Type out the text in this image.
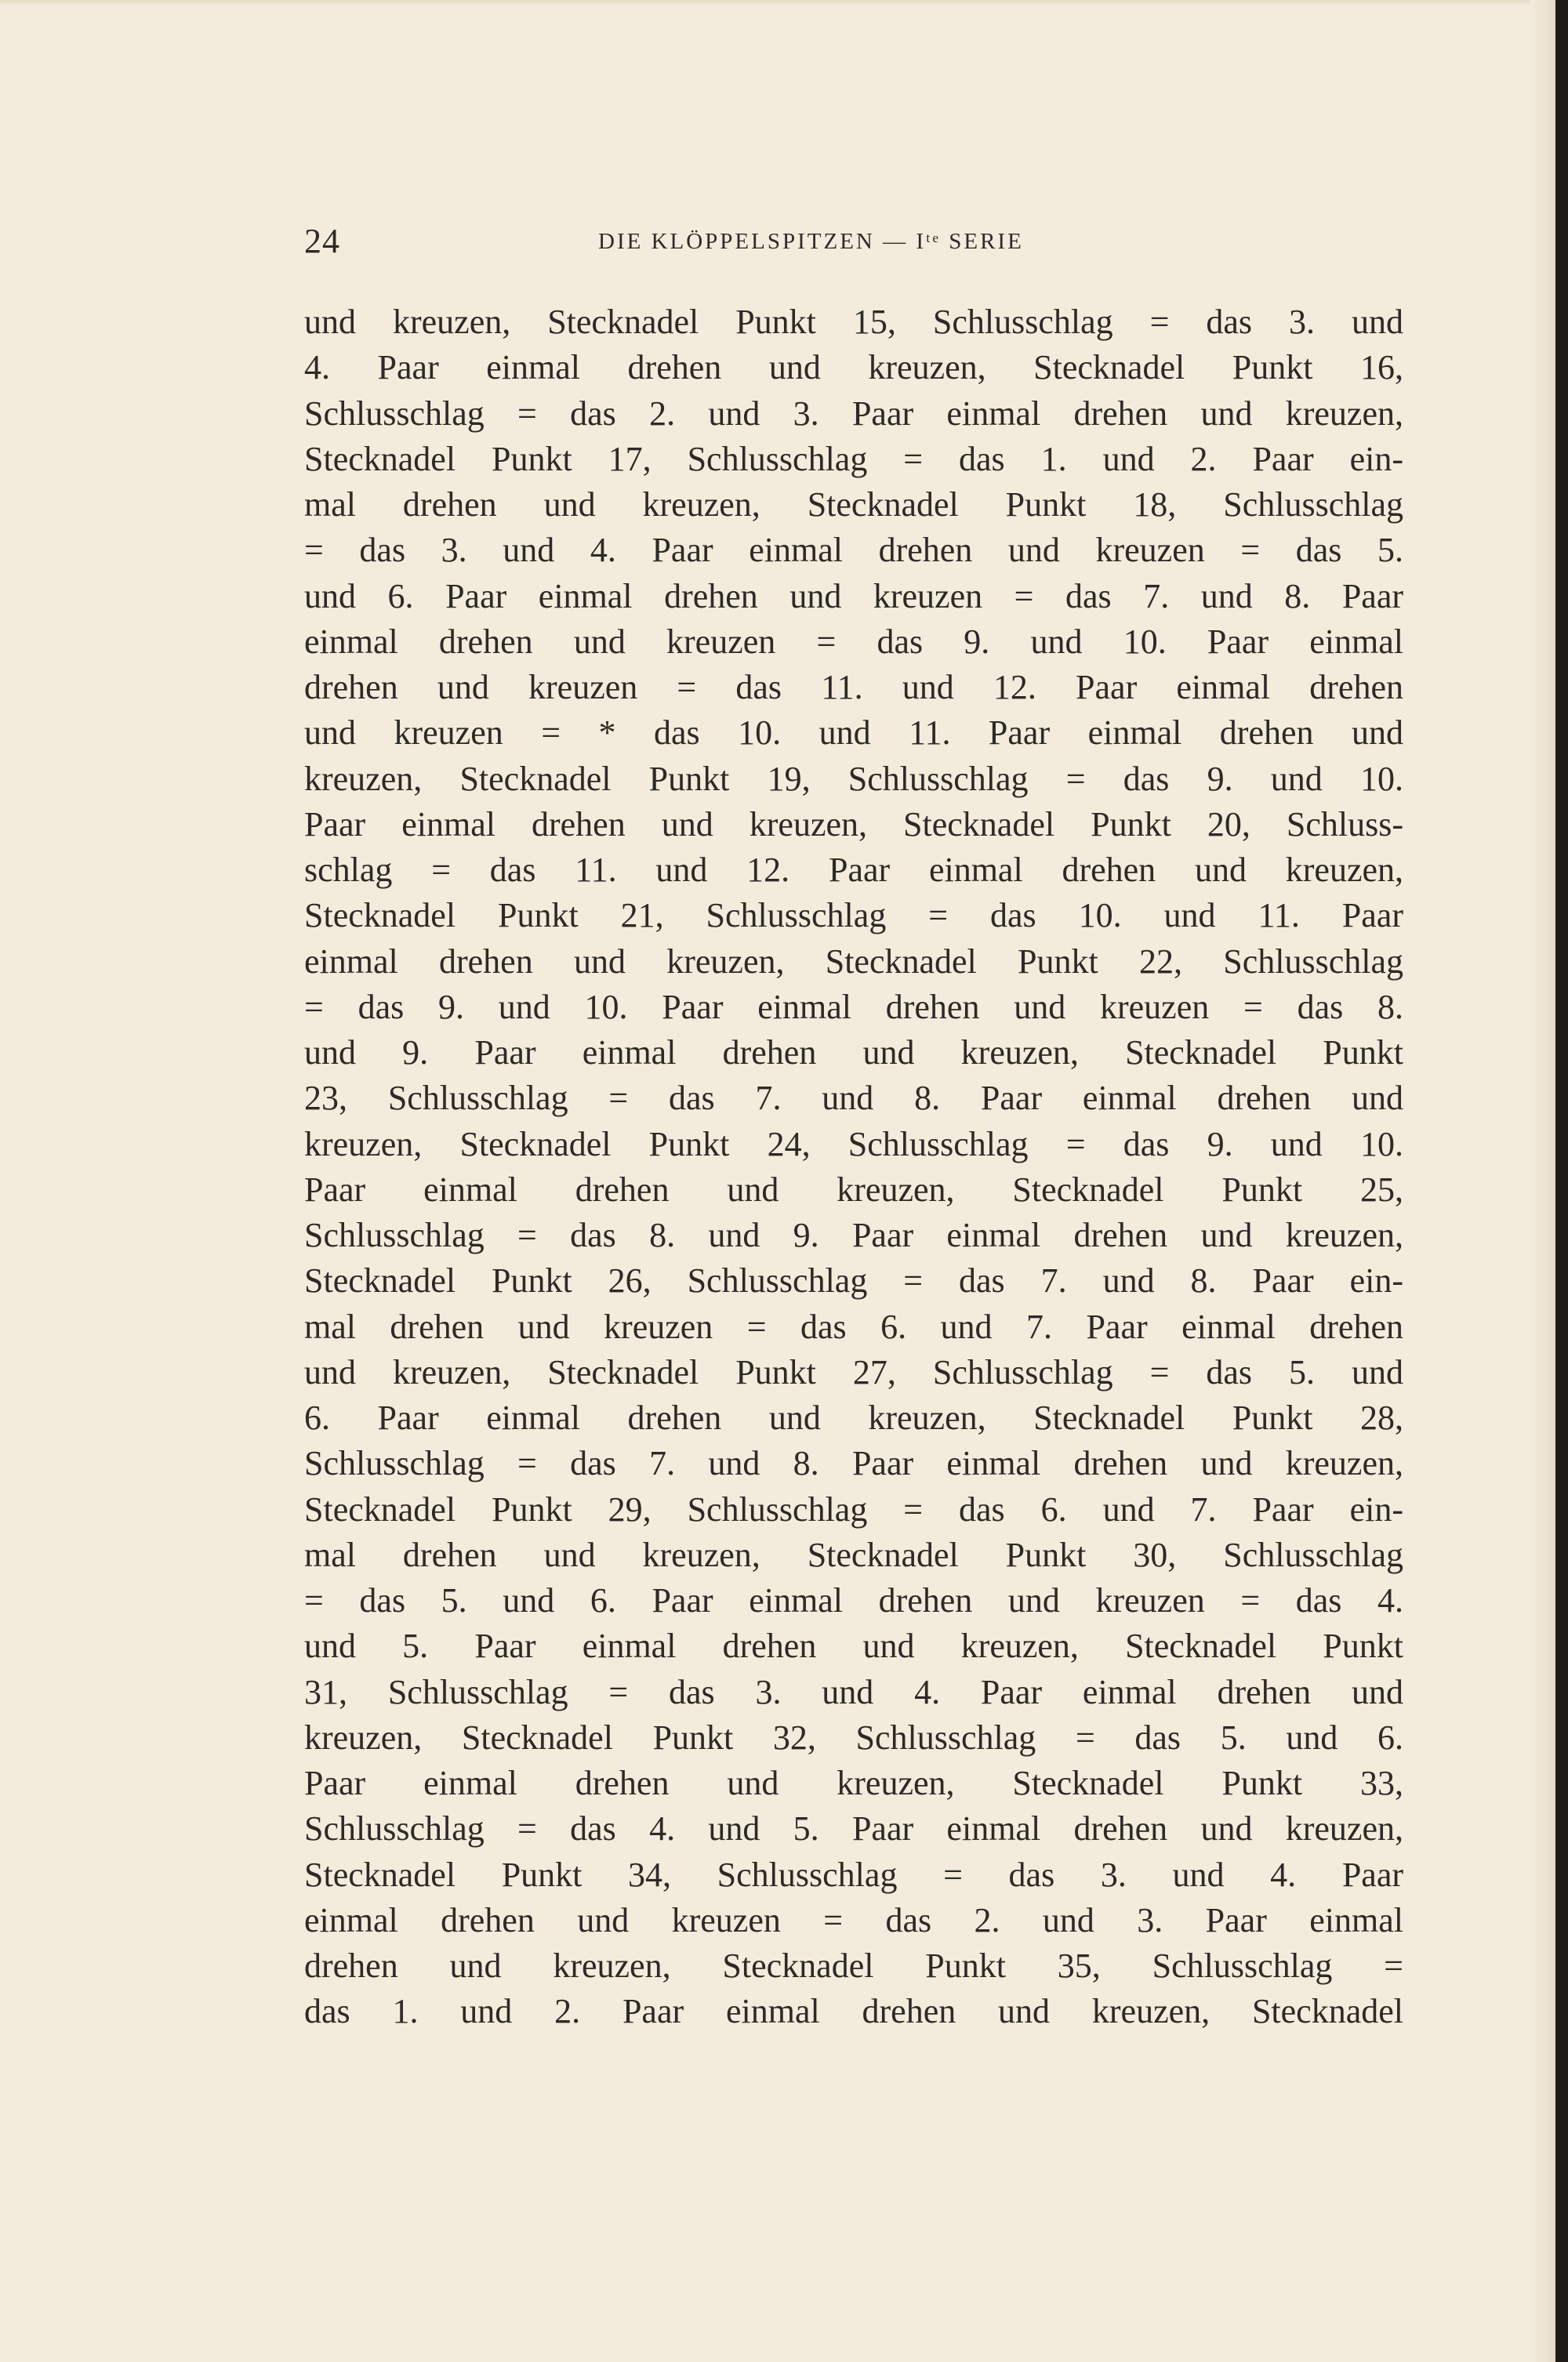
24	DIE KLÖPPELSPITZEN — Iᵗᵉ SERIE
und kreuzen, Stecknadel Punkt 15, Schlusschlag = das 3. und
4. Paar einmal drehen und kreuzen, Stecknadel Punkt 16,
Schlusschlag = das 2. und 3. Paar einmal drehen und kreuzen,
Stecknadel Punkt 17, Schlusschlag = das 1. und 2. Paar ein-
mal drehen und kreuzen, Stecknadel Punkt 18, Schlusschlag
= das 3. und 4. Paar einmal drehen und kreuzen = das 5.
und 6. Paar einmal drehen und kreuzen = das 7. und 8. Paar
einmal drehen und kreuzen = das 9. und 10. Paar einmal
drehen und kreuzen = das 11. und 12. Paar einmal drehen
und kreuzen = * das 10. und 11. Paar einmal drehen und
kreuzen, Stecknadel Punkt 19, Schlusschlag = das 9. und 10.
Paar einmal drehen und kreuzen, Stecknadel Punkt 20, Schluss-
schlag = das 11. und 12. Paar einmal drehen und kreuzen,
Stecknadel Punkt 21, Schlusschlag = das 10. und 11. Paar
einmal drehen und kreuzen, Stecknadel Punkt 22, Schlusschlag
= das 9. und 10. Paar einmal drehen und kreuzen = das 8.
und 9. Paar einmal drehen und kreuzen, Stecknadel Punkt
23, Schlusschlag = das 7. und 8. Paar einmal drehen und
kreuzen, Stecknadel Punkt 24, Schlusschlag = das 9. und 10.
Paar einmal drehen und kreuzen, Stecknadel Punkt 25,
Schlusschlag = das 8. und 9. Paar einmal drehen und kreuzen,
Stecknadel Punkt 26, Schlusschlag = das 7. und 8. Paar ein-
mal drehen und kreuzen = das 6. und 7. Paar einmal drehen
und kreuzen, Stecknadel Punkt 27, Schlusschlag = das 5. und
6. Paar einmal drehen und kreuzen, Stecknadel Punkt 28,
Schlusschlag = das 7. und 8. Paar einmal drehen und kreuzen,
Stecknadel Punkt 29, Schlusschlag = das 6. und 7. Paar ein-
mal drehen und kreuzen, Stecknadel Punkt 30, Schlusschlag
= das 5. und 6. Paar einmal drehen und kreuzen = das 4.
und 5. Paar einmal drehen und kreuzen, Stecknadel Punkt
31, Schlusschlag = das 3. und 4. Paar einmal drehen und
kreuzen, Stecknadel Punkt 32, Schlusschlag = das 5. und 6.
Paar einmal drehen und kreuzen, Stecknadel Punkt 33,
Schlusschlag = das 4. und 5. Paar einmal drehen und kreuzen,
Stecknadel Punkt 34, Schlusschlag = das 3. und 4. Paar
einmal drehen und kreuzen = das 2. und 3. Paar einmal
drehen und kreuzen, Stecknadel Punkt 35, Schlusschlag =
das 1. und 2. Paar einmal drehen und kreuzen, Stecknadel
